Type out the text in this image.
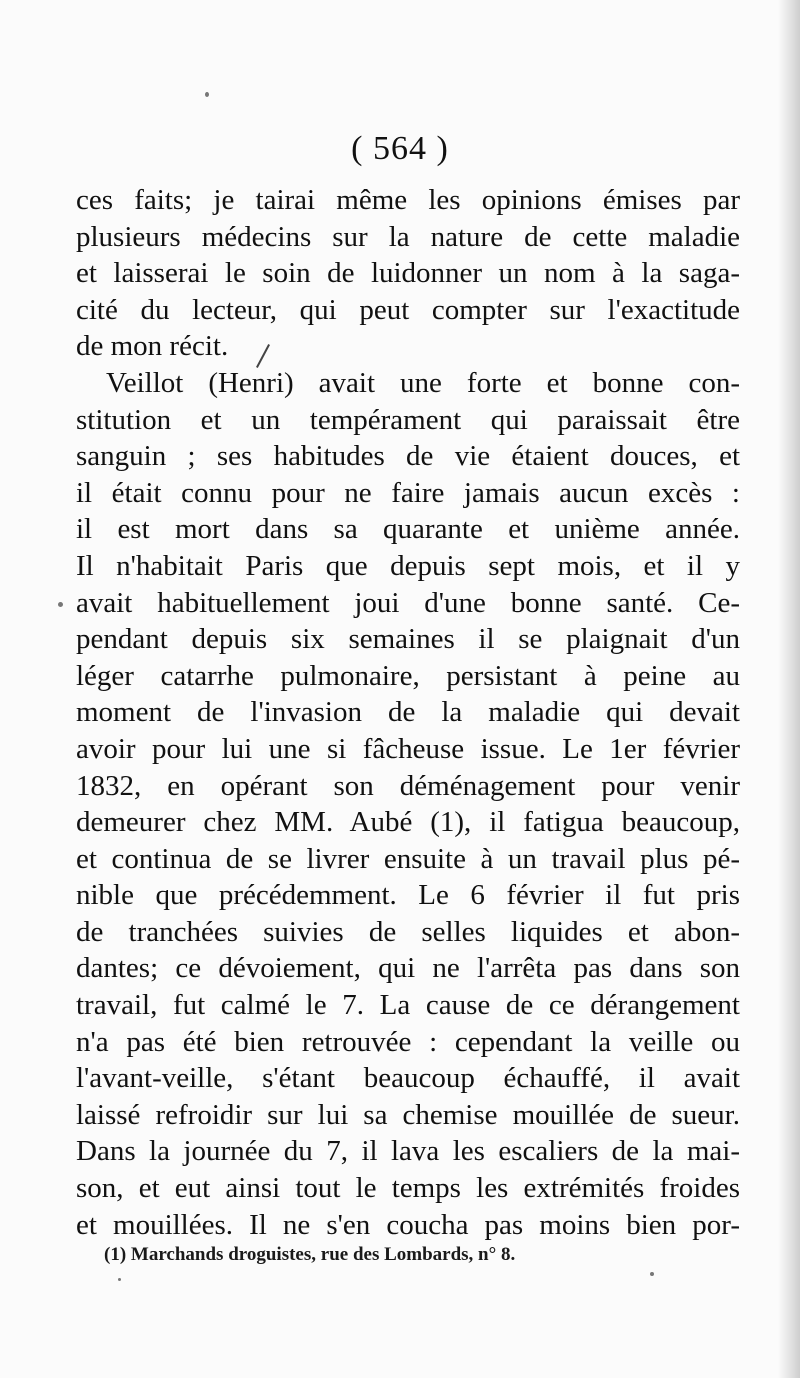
( 564 )
ces faits; je tairai même les opinions émises par
plusieurs médecins sur la nature de cette maladie
et laisserai le soin de luidonner un nom à la saga-
cité du lecteur, qui peut compter sur l'exactitude
de mon récit.
Veillot (Henri) avait une forte et bonne con-
stitution et un tempérament qui paraissait être
sanguin ; ses habitudes de vie étaient douces, et
il était connu pour ne faire jamais aucun excès :
il est mort dans sa quarante et unième année.
Il n'habitait Paris que depuis sept mois, et il y
avait habituellement joui d'une bonne santé. Ce-
pendant depuis six semaines il se plaignait d'un
léger catarrhe pulmonaire, persistant à peine au
moment de l'invasion de la maladie qui devait
avoir pour lui une si fâcheuse issue. Le 1er février
1832, en opérant son déménagement pour venir
demeurer chez MM. Aubé (1), il fatigua beaucoup,
et continua de se livrer ensuite à un travail plus pé-
nible que précédemment. Le 6 février il fut pris
de tranchées suivies de selles liquides et abon-
dantes; ce dévoiement, qui ne l'arrêta pas dans son
travail, fut calmé le 7. La cause de ce dérangement
n'a pas été bien retrouvée : cependant la veille ou
l'avant-veille, s'étant beaucoup échauffé, il avait
laissé refroidir sur lui sa chemise mouillée de sueur.
Dans la journée du 7, il lava les escaliers de la mai-
son, et eut ainsi tout le temps les extrémités froides
et mouillées. Il ne s'en coucha pas moins bien por-
(1) Marchands droguistes, rue des Lombards, n° 8.
